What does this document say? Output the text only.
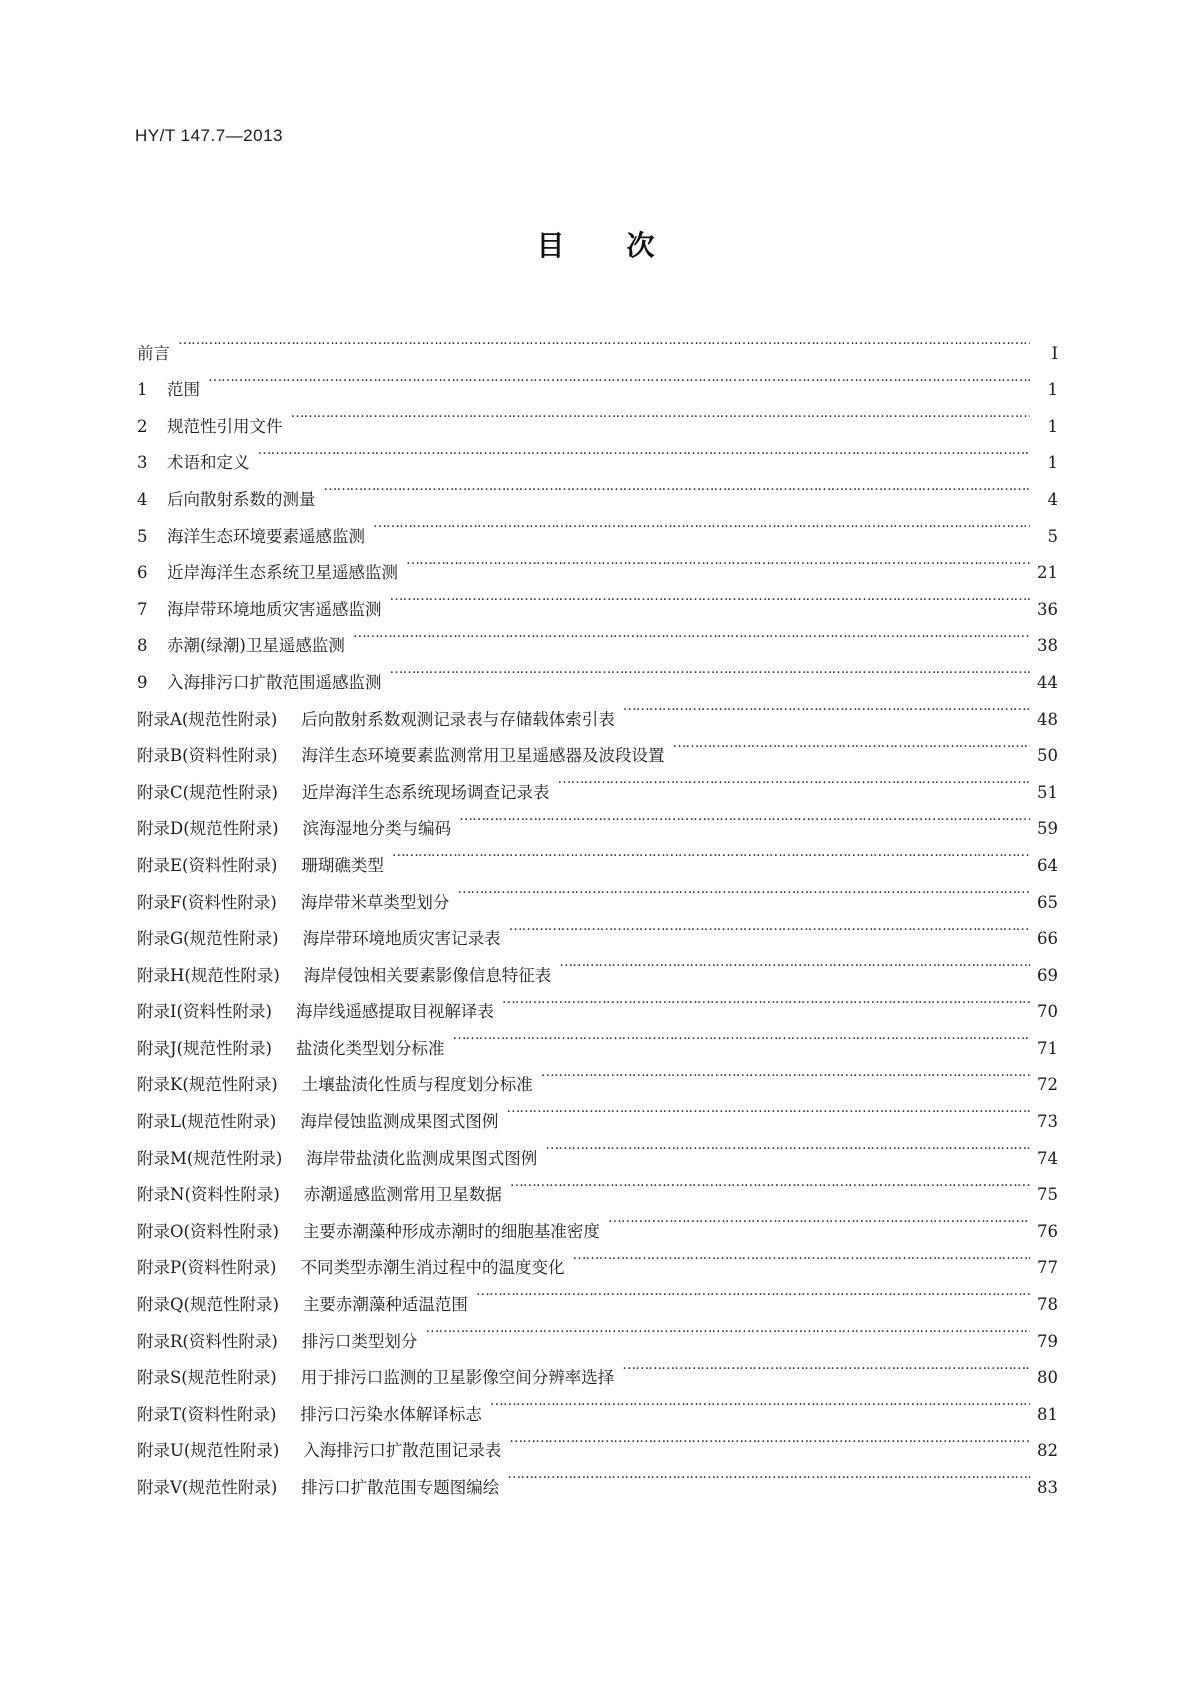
HY/T 147.7—2013
目次
前言 ………………………………………………………………………………………………………………………………………………………………………………………………………………	Ⅰ
1	范围 ………………………………………………………………………………………………………………………………………………………………………………………………………………	1
2	规范性引用文件 ………………………………………………………………………………………………………………………………………………………………………………………………………………	1
3	术语和定义 ………………………………………………………………………………………………………………………………………………………………………………………………………………	1
4	后向散射系数的测量 ………………………………………………………………………………………………………………………………………………………………………………………………………………	4
5	海洋生态环境要素遥感监测 ………………………………………………………………………………………………………………………………………………………………………………………………………………	5
6	近岸海洋生态系统卫星遥感监测 ………………………………………………………………………………………………………………………………………………………………………………………………………………	21
7	海岸带环境地质灾害遥感监测 ………………………………………………………………………………………………………………………………………………………………………………………………………………	36
8	赤潮(绿潮)卫星遥感监测 ………………………………………………………………………………………………………………………………………………………………………………………………………………	38
9	入海排污口扩散范围遥感监测 ………………………………………………………………………………………………………………………………………………………………………………………………………………	44
附录A(规范性附录) 后向散射系数观测记录表与存储载体索引表 ………………………………………………………………………………………………………………………………………………………………………………………………………………	48
附录B(资料性附录) 海洋生态环境要素监测常用卫星遥感器及波段设置 ………………………………………………………………………………………………………………………………………………………………………………………………………………	50
附录C(规范性附录) 近岸海洋生态系统现场调查记录表 ………………………………………………………………………………………………………………………………………………………………………………………………………………	51
附录D(规范性附录) 滨海湿地分类与编码 ………………………………………………………………………………………………………………………………………………………………………………………………………………	59
附录E(资料性附录) 珊瑚礁类型 ………………………………………………………………………………………………………………………………………………………………………………………………………………	64
附录F(资料性附录) 海岸带米草类型划分 ………………………………………………………………………………………………………………………………………………………………………………………………………………	65
附录G(规范性附录) 海岸带环境地质灾害记录表 ………………………………………………………………………………………………………………………………………………………………………………………………………………	66
附录H(规范性附录) 海岸侵蚀相关要素影像信息特征表 ………………………………………………………………………………………………………………………………………………………………………………………………………………	69
附录I(资料性附录) 海岸线遥感提取目视解译表 ………………………………………………………………………………………………………………………………………………………………………………………………………………	70
附录J(规范性附录) 盐渍化类型划分标准 ………………………………………………………………………………………………………………………………………………………………………………………………………………	71
附录K(规范性附录) 土壤盐渍化性质与程度划分标准 ………………………………………………………………………………………………………………………………………………………………………………………………………………	72
附录L(规范性附录) 海岸侵蚀监测成果图式图例 ………………………………………………………………………………………………………………………………………………………………………………………………………………	73
附录M(规范性附录) 海岸带盐渍化监测成果图式图例 ………………………………………………………………………………………………………………………………………………………………………………………………………………	74
附录N(资料性附录) 赤潮遥感监测常用卫星数据 ………………………………………………………………………………………………………………………………………………………………………………………………………………	75
附录O(资料性附录) 主要赤潮藻种形成赤潮时的细胞基准密度 ………………………………………………………………………………………………………………………………………………………………………………………………………………	76
附录P(资料性附录) 不同类型赤潮生消过程中的温度变化 ………………………………………………………………………………………………………………………………………………………………………………………………………………	77
附录Q(规范性附录) 主要赤潮藻种适温范围 ………………………………………………………………………………………………………………………………………………………………………………………………………………	78
附录R(资料性附录) 排污口类型划分 ………………………………………………………………………………………………………………………………………………………………………………………………………………	79
附录S(规范性附录) 用于排污口监测的卫星影像空间分辨率选择 ………………………………………………………………………………………………………………………………………………………………………………………………………………	80
附录T(资料性附录) 排污口污染水体解译标志 ………………………………………………………………………………………………………………………………………………………………………………………………………………	81
附录U(规范性附录) 入海排污口扩散范围记录表 ………………………………………………………………………………………………………………………………………………………………………………………………………………	82
附录V(规范性附录) 排污口扩散范围专题图编绘 ………………………………………………………………………………………………………………………………………………………………………………………………………………	83
